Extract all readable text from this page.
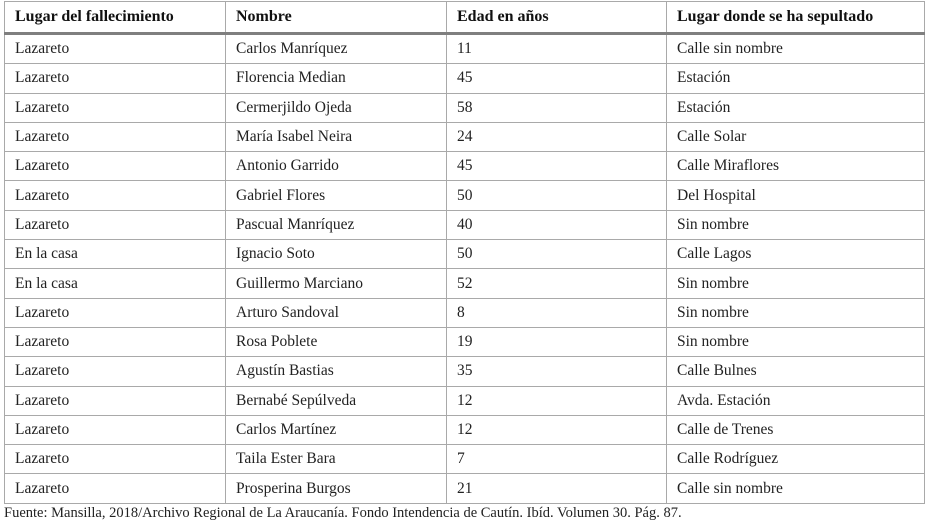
Lugar del fallecimiento	Nombre	Edad en años	Lugar donde se ha sepultado
Lazareto	Carlos Manríquez	11	Calle sin nombre
Lazareto	Florencia Median	45	Estación
Lazareto	Cermerjildo Ojeda	58	Estación
Lazareto	María Isabel Neira	24	Calle Solar
Lazareto	Antonio Garrido	45	Calle Miraflores
Lazareto	Gabriel Flores	50	Del Hospital
Lazareto	Pascual Manríquez	40	Sin nombre
En la casa	Ignacio Soto	50	Calle Lagos
En la casa	Guillermo Marciano	52	Sin nombre
Lazareto	Arturo Sandoval	8	Sin nombre
Lazareto	Rosa Poblete	19	Sin nombre
Lazareto	Agustín Bastias	35	Calle Bulnes
Lazareto	Bernabé Sepúlveda	12	Avda. Estación
Lazareto	Carlos Martínez	12	Calle de Trenes
Lazareto	Taila Ester Bara	7	Calle Rodríguez
Lazareto	Prosperina Burgos	21	Calle sin nombre
Fuente: Mansilla, 2018/Archivo Regional de La Araucanía. Fondo Intendencia de Cautín. Ibíd. Volumen 30. Pág. 87.
